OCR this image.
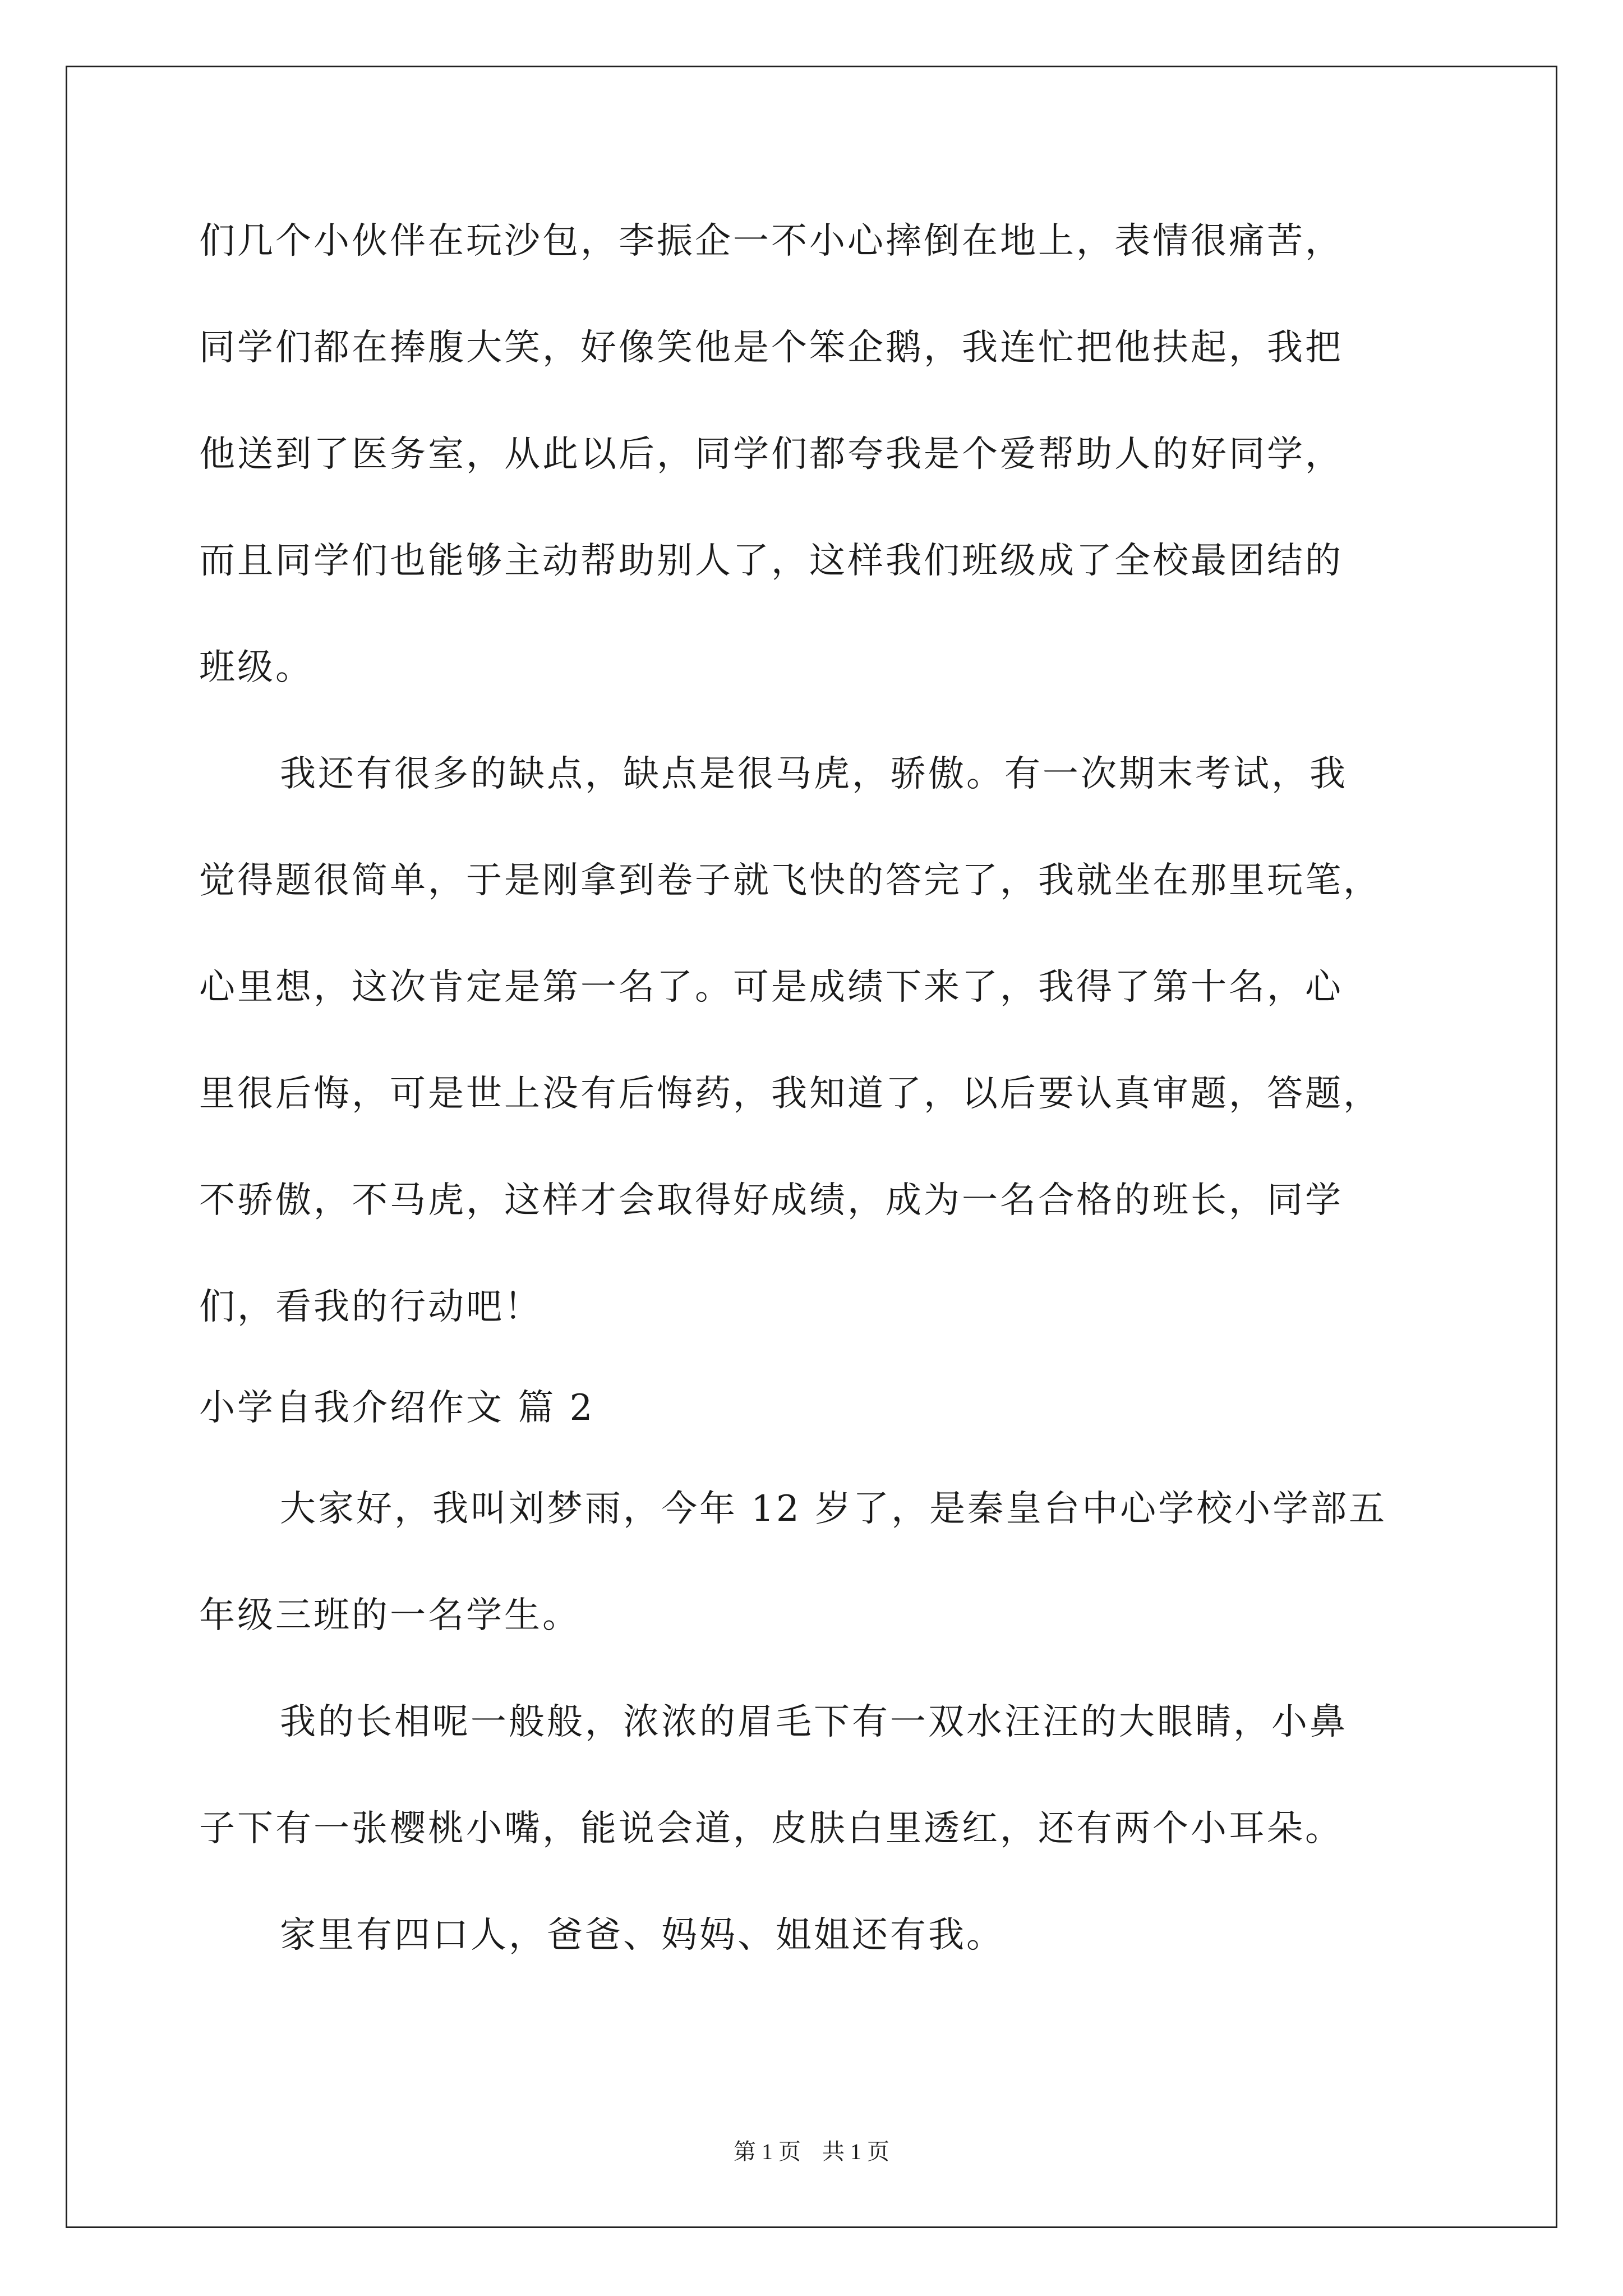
们几个小伙伴在玩沙包，李振企一不小心摔倒在地上，表情很痛苦，
同学们都在捧腹大笑，好像笑他是个笨企鹅，我连忙把他扶起，我把
他送到了医务室，从此以后，同学们都夸我是个爱帮助人的好同学，
而且同学们也能够主动帮助别人了，这样我们班级成了全校最团结的
班级。
我还有很多的缺点，缺点是很马虎，骄傲。有一次期末考试，我
觉得题很简单，于是刚拿到卷子就飞快的答完了，我就坐在那里玩笔，
心里想，这次肯定是第一名了。可是成绩下来了，我得了第十名，心
里很后悔，可是世上没有后悔药，我知道了，以后要认真审题，答题，
不骄傲，不马虎，这样才会取得好成绩，成为一名合格的班长，同学
们，看我的行动吧！
小学自我介绍作文 篇 2
大家好，我叫刘梦雨，今年 12 岁了，是秦皇台中心学校小学部五
年级三班的一名学生。
我的长相呢一般般，浓浓的眉毛下有一双水汪汪的大眼睛，小鼻
子下有一张樱桃小嘴，能说会道，皮肤白里透红，还有两个小耳朵。
家里有四口人，爸爸、妈妈、姐姐还有我。
第 1 页 共 1 页
